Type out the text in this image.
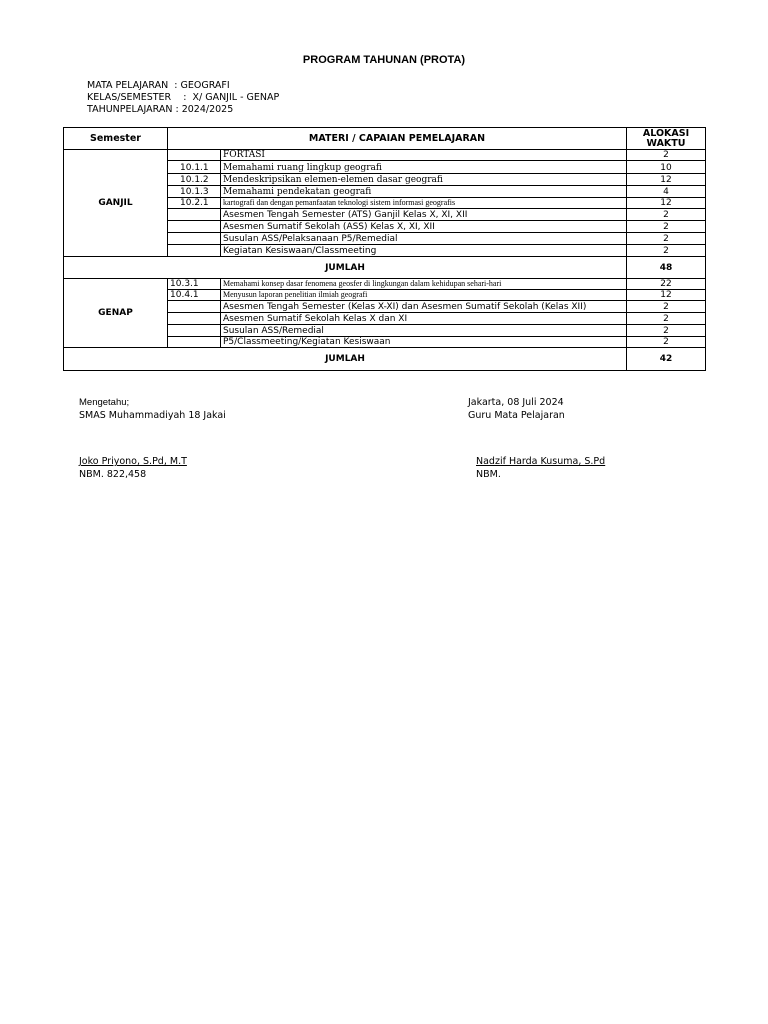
PROGRAM TAHUNAN (PROTA)
MATA PELAJARAN : GEOGRAFI
KELAS/SEMESTER : X/ GANJIL - GENAP
TAHUNPELAJARAN : 2024/2025
Semester	MATERI / CAPAIAN PEMELAJARAN		ALOKASI
WAKTU
GANJIL		FORTASI	2
	10.1.1	Memahami ruang lingkup geografi	10
	10.1.2	Mendeskripsikan elemen-elemen dasar geografi	12
	10.1.3	Memahami pendekatan geografi	4
	10.2.1	kartografi dan dengan pemanfaatan teknologi sistem informasi geografis	12
		Asesmen Tengah Semester (ATS) Ganjil Kelas X, XI, XII	2
		Asesmen Sumatif Sekolah (ASS) Kelas X, XI, XII	2
		Susulan ASS/Pelaksanaan P5/Remedial	2
		Kegiatan Kesiswaan/Classmeeting	2
JUMLAH			48
GENAP	10.3.1	Memahami konsep dasar fenomena geosfer di lingkungan dalam kehidupan sehari-hari	22
	10.4.1	Menyusun laporan penelitian ilmiah geografi	12
		Asesmen Tengah Semester (Kelas X-XI) dan Asesmen Sumatif Sekolah (Kelas XII)	2
		Asesmen Sumatif Sekolah Kelas X dan XI	2
		Susulan ASS/Remedial	2
		P5/Classmeeting/Kegiatan Kesiswaan	2
JUMLAH			42
Mengetahu;
SMAS Muhammadiyah 18 Jakai
Jakarta, 08 Juli 2024
Guru Mata Pelajaran
Joko Priyono, S.Pd, M.T
NBM. 822,458
Nadzif Harda Kusuma, S.Pd
NBM.
